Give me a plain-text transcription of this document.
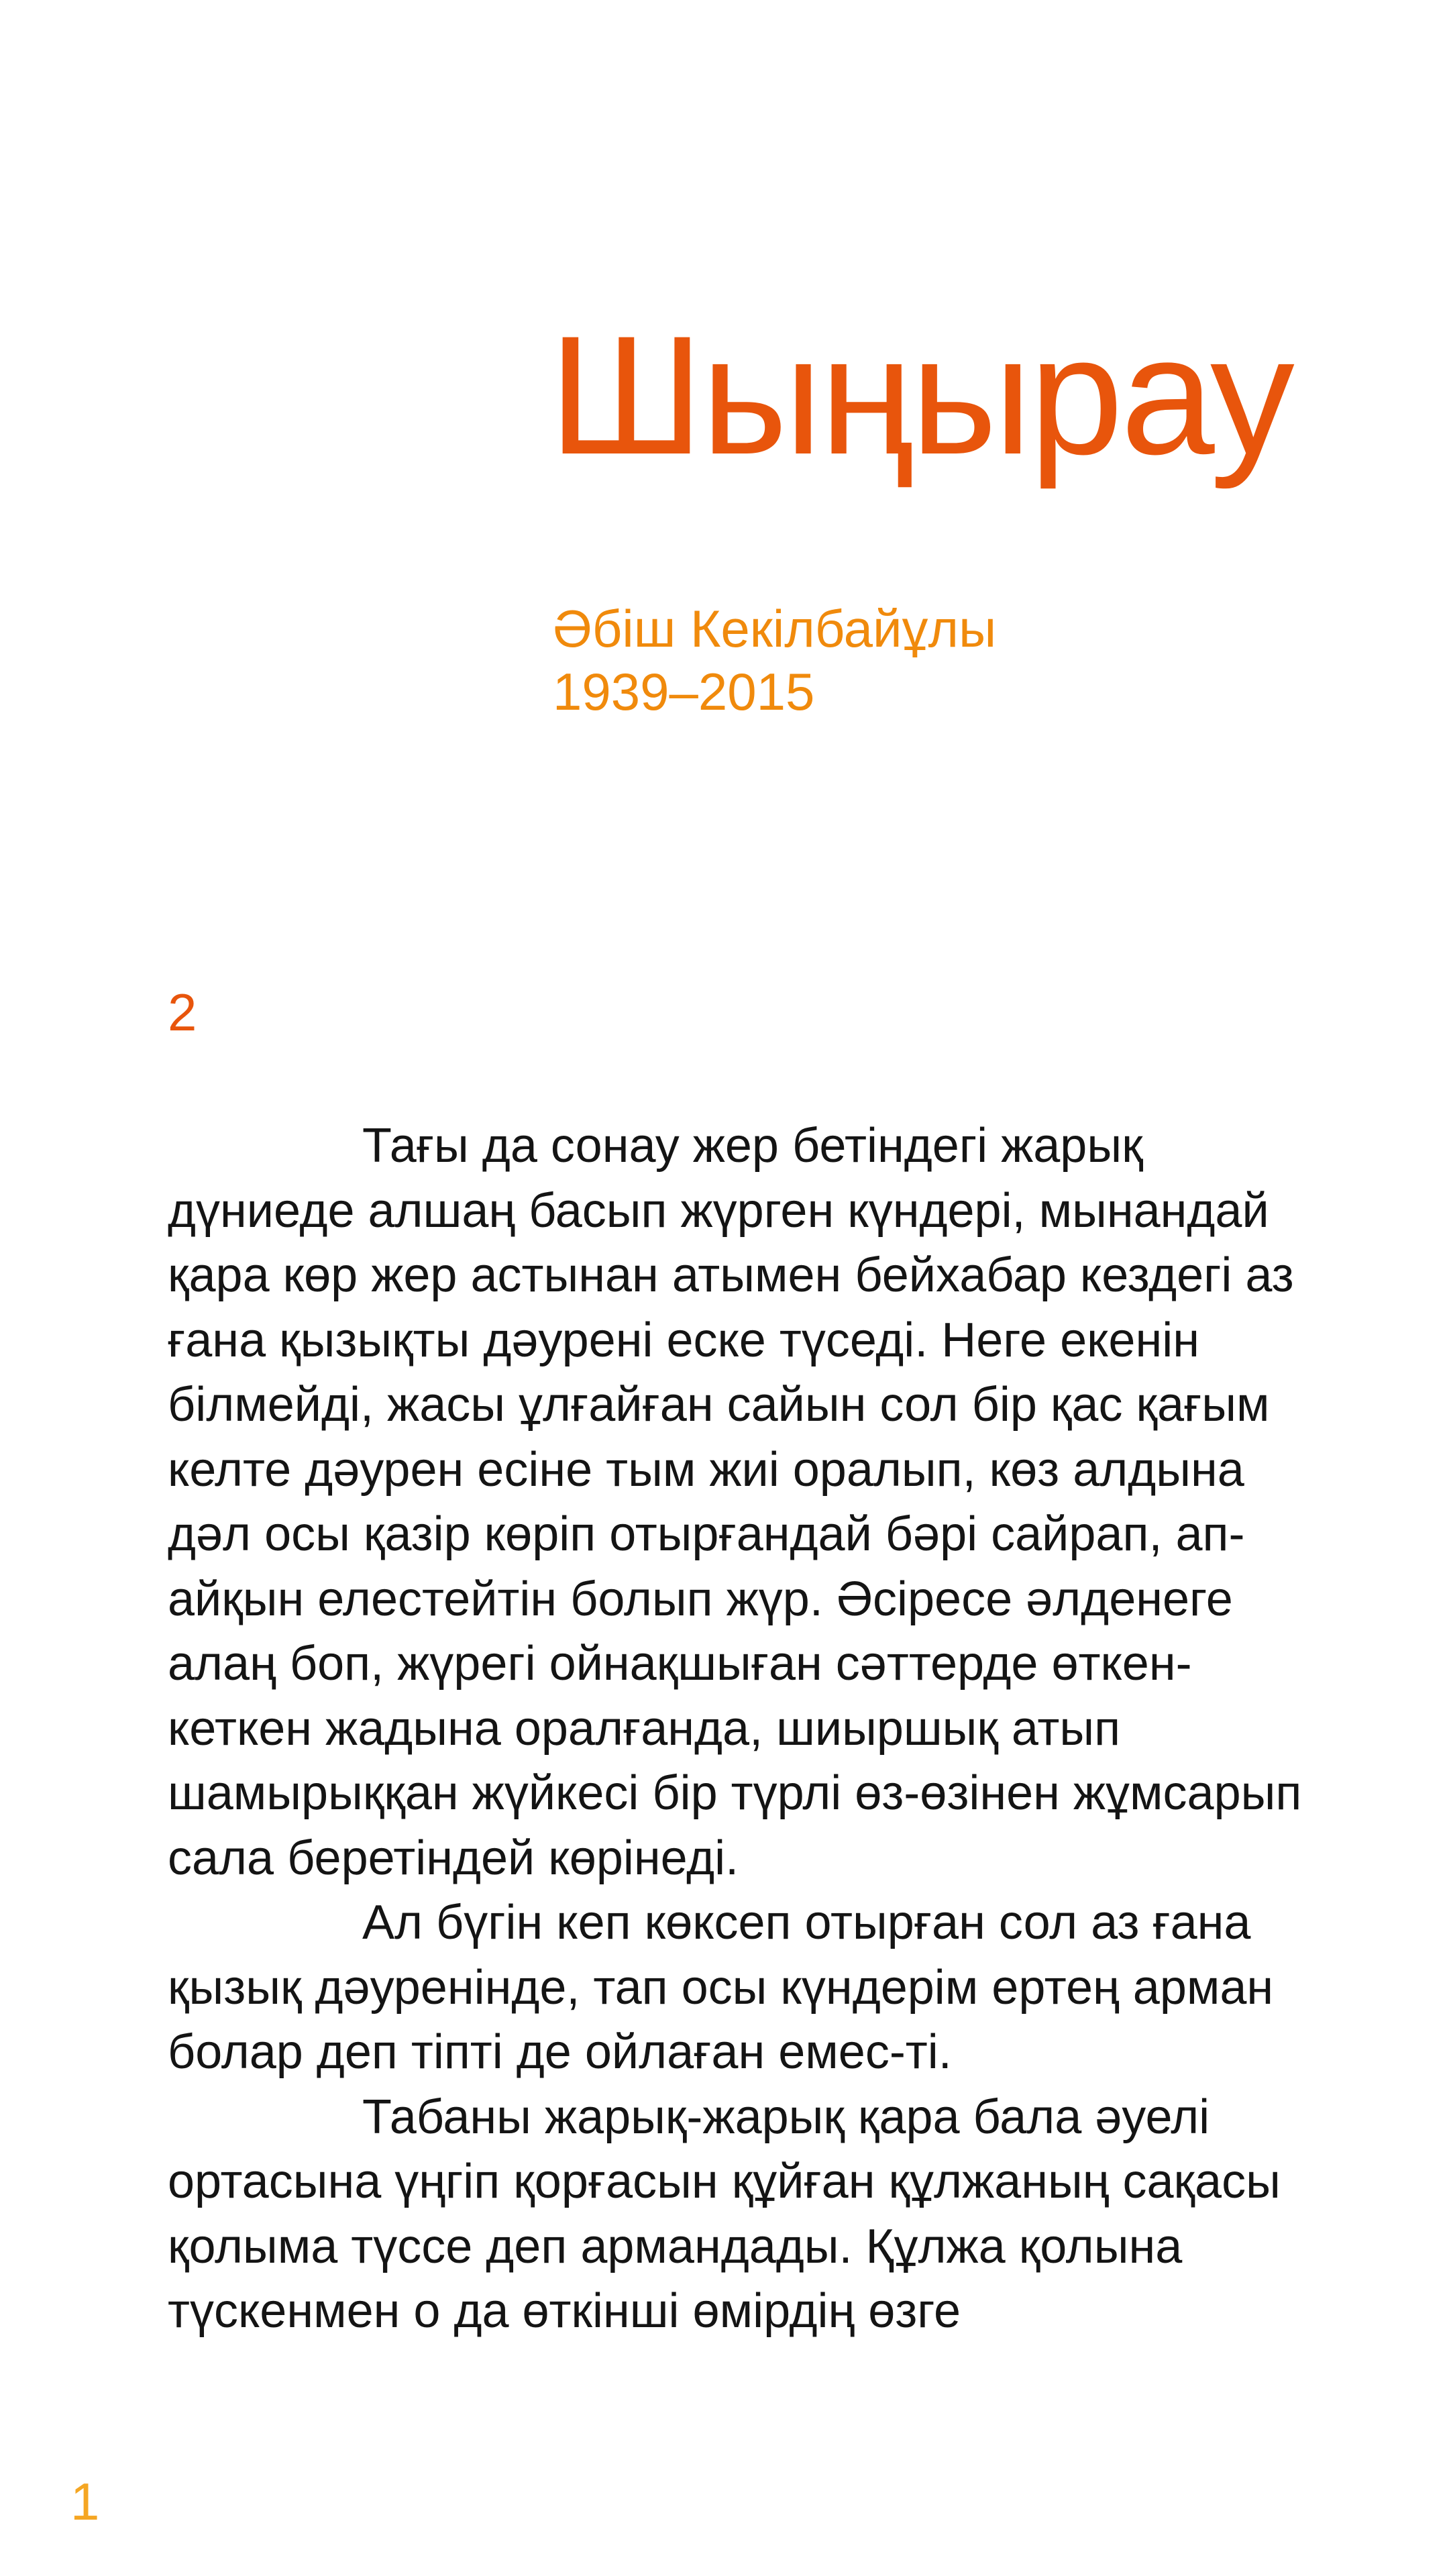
Шыңырау
Әбіш Кекілбайұлы
1939–2015
2

Тағы да сонау жер бетіндегі жарық дүниеде алшаң басып жүрген күндері, мынандай қара көр жер астынан атымен бейхабар кездегі аз ғана қызықты дәурені еске түседі. Неге екенін білмейді, жасы ұлғайған сайын сол бір қас қағым келте дәурен есіне тым жиі оралып, көз алдына дәл осы қазір көріп отырғандай бәрі сайрап, ап-айқын елестейтін болып жүр. Әсіресе әлденеге алаң боп, жүрегі ойнақшыған сәттерде өткен-кеткен жадына оралғанда, шиыршық атып шамырыққан жүйкесі бір түрлі өз-өзінен жұмсарып сала беретіндей көрінеді.

Ал бүгін кеп көксеп отырған сол аз ғана қызық дәуренінде, тап осы күндерім ертең арман болар деп тіпті де ойлаған емес-ті.

Табаны жарық-жарық қара бала әуелі ортасына үңгіп қорғасын құйған құлжаның сақасы қолыма түссе деп армандады. Құлжа қолына түскенмен о да өткінші өмірдің өзге

1
